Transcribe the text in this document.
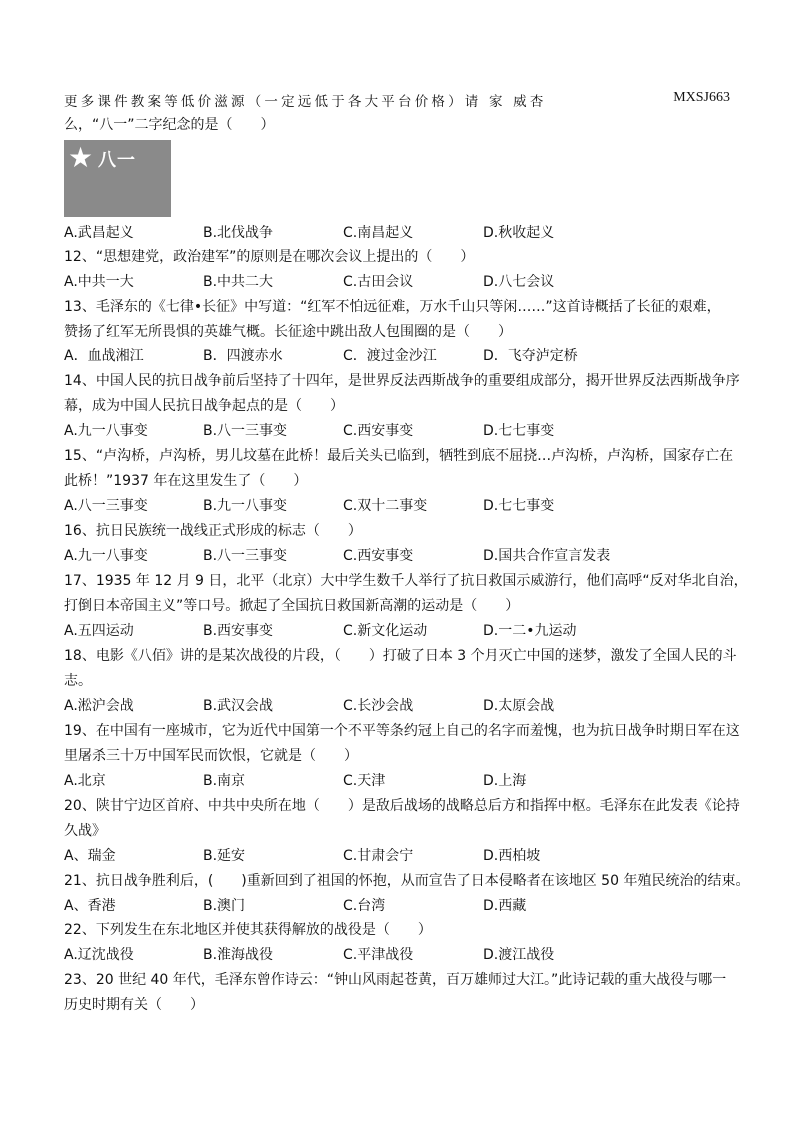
更多课件教案等低价滋源（一定远低于各大平台价格）请 家 威杏	MXSJ663
么，“八一”二字纪念的是（　　）
★ 八一
A.武昌起义	B.北伐战争	C.南昌起义	D.秋收起义
12、“思想建党，政治建军”的原则是在哪次会议上提出的（　　）
A.中共一大	B.中共二大	C.古田会议	D.八七会议
13、毛泽东的《七律•长征》中写道：“红军不怕远征难，万水千山只等闲……”这首诗概括了长征的艰难，
赞扬了红军无所畏惧的英雄气概。长征途中跳出敌人包围圈的是（　　）
A．血战湘江	B．四渡赤水	C．渡过金沙江	D．飞夺泸定桥
14、中国人民的抗日战争前后坚持了十四年，是世界反法西斯战争的重要组成部分，揭开世界反法西斯战争序
幕，成为中国人民抗日战争起点的是（　　）
A.九一八事变	B.八一三事变	C.西安事变	D.七七事变
15、“卢沟桥，卢沟桥，男儿坟墓在此桥！最后关头已临到，牺牲到底不屈挠…卢沟桥，卢沟桥，国家存亡在
此桥！”1937 年在这里发生了（　　）
A.八一三事变	B.九一八事变	C.双十二事变	D.七七事变
16、抗日民族统一战线正式形成的标志（　　）
A.九一八事变	B.八一三事变	C.西安事变	D.国共合作宣言发表
17、1935 年 12 月 9 日，北平（北京）大中学生数千人举行了抗日救国示威游行，他们高呼“反对华北自治，
打倒日本帝国主义”等口号。掀起了全国抗日救国新高潮的运动是（　　）
A.五四运动	B.西安事变	C.新文化运动	D.一二•九运动
18、电影《八佰》讲的是某次战役的片段，（　　）打破了日本 3 个月灭亡中国的迷梦，激发了全国人民的斗
志。
A.淞沪会战	B.武汉会战	C.长沙会战	D.太原会战
19、在中国有一座城市，它为近代中国第一个不平等条约冠上自己的名字而羞愧，也为抗日战争时期日军在这
里屠杀三十万中国军民而饮恨，它就是（　　）
A.北京	B.南京	C.天津	D.上海
20、陕甘宁边区首府、中共中央所在地（　　）是敌后战场的战略总后方和指挥中枢。毛泽东在此发表《论持
久战》
A、瑞金	B.延安	C.甘肃会宁	D.西柏坡
21、抗日战争胜利后，(　　)重新回到了祖国的怀抱，从而宣告了日本侵略者在该地区 50 年殖民统治的结束。
A、香港	B.澳门	C.台湾	D.西藏
22、下列发生在东北地区并使其获得解放的战役是（　　）
A.辽沈战役	B.淮海战役	C.平津战役	D.渡江战役
23、20 世纪 40 年代，毛泽东曾作诗云：“钟山风雨起苍黄，百万雄师过大江。”此诗记载的重大战役与哪一
历史时期有关（　　）
